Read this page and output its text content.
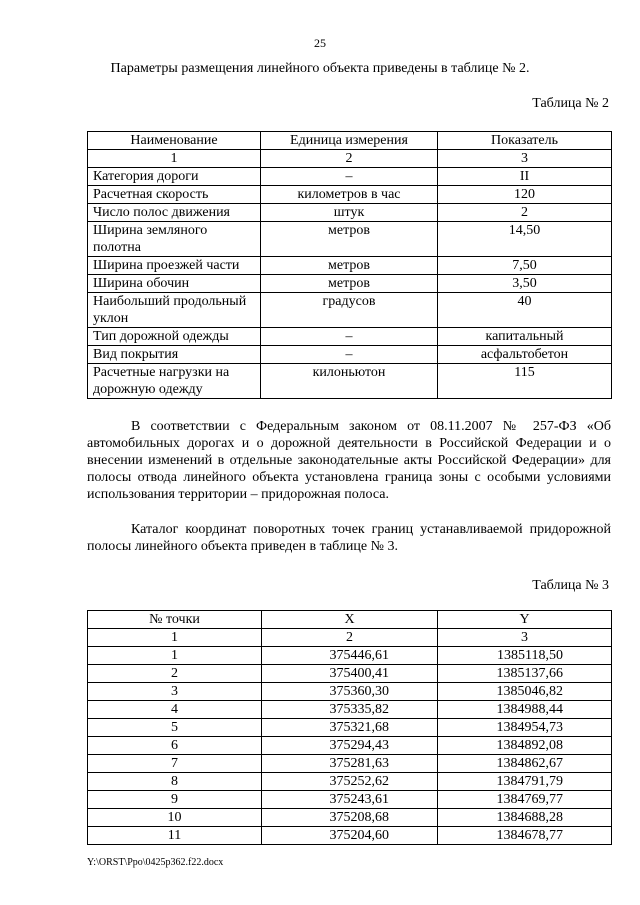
25
Параметры размещения линейного объекта приведены в таблице № 2.
Таблица № 2
Наименование	Единица измерения	Показатель
1	2	3
Категория дороги	–	II
Расчетная скорость	километров в час	120
Число полос движения	штук	2
Ширина земляного полотна	метров	14,50
Ширина проезжей части	метров	7,50
Ширина обочин	метров	3,50
Наибольший продольный уклон	градусов	40
Тип дорожной одежды	–	капитальный
Вид покрытия	–	асфальтобетон
Расчетные нагрузки на дорожную одежду	килоньютон	115
В соответствии с Федеральным законом от 08.11.2007 № 257-ФЗ «Об автомобильных дорогах и о дорожной деятельности в Российской Федерации и о внесении изменений в отдельные законодательные акты Российской Федерации» для полосы отвода линейного объекта установлена граница зоны с особыми условиями использования территории – придорожная полоса.
Каталог координат поворотных точек границ устанавливаемой придорожной полосы линейного объекта приведен в таблице № 3.
Таблица № 3
№ точки	X	Y
1	2	3
1	375446,61	1385118,50
2	375400,41	1385137,66
3	375360,30	1385046,82
4	375335,82	1384988,44
5	375321,68	1384954,73
6	375294,43	1384892,08
7	375281,63	1384862,67
8	375252,62	1384791,79
9	375243,61	1384769,77
10	375208,68	1384688,28
11	375204,60	1384678,77
Y:\ORST\Ppo\0425p362.f22.docx
